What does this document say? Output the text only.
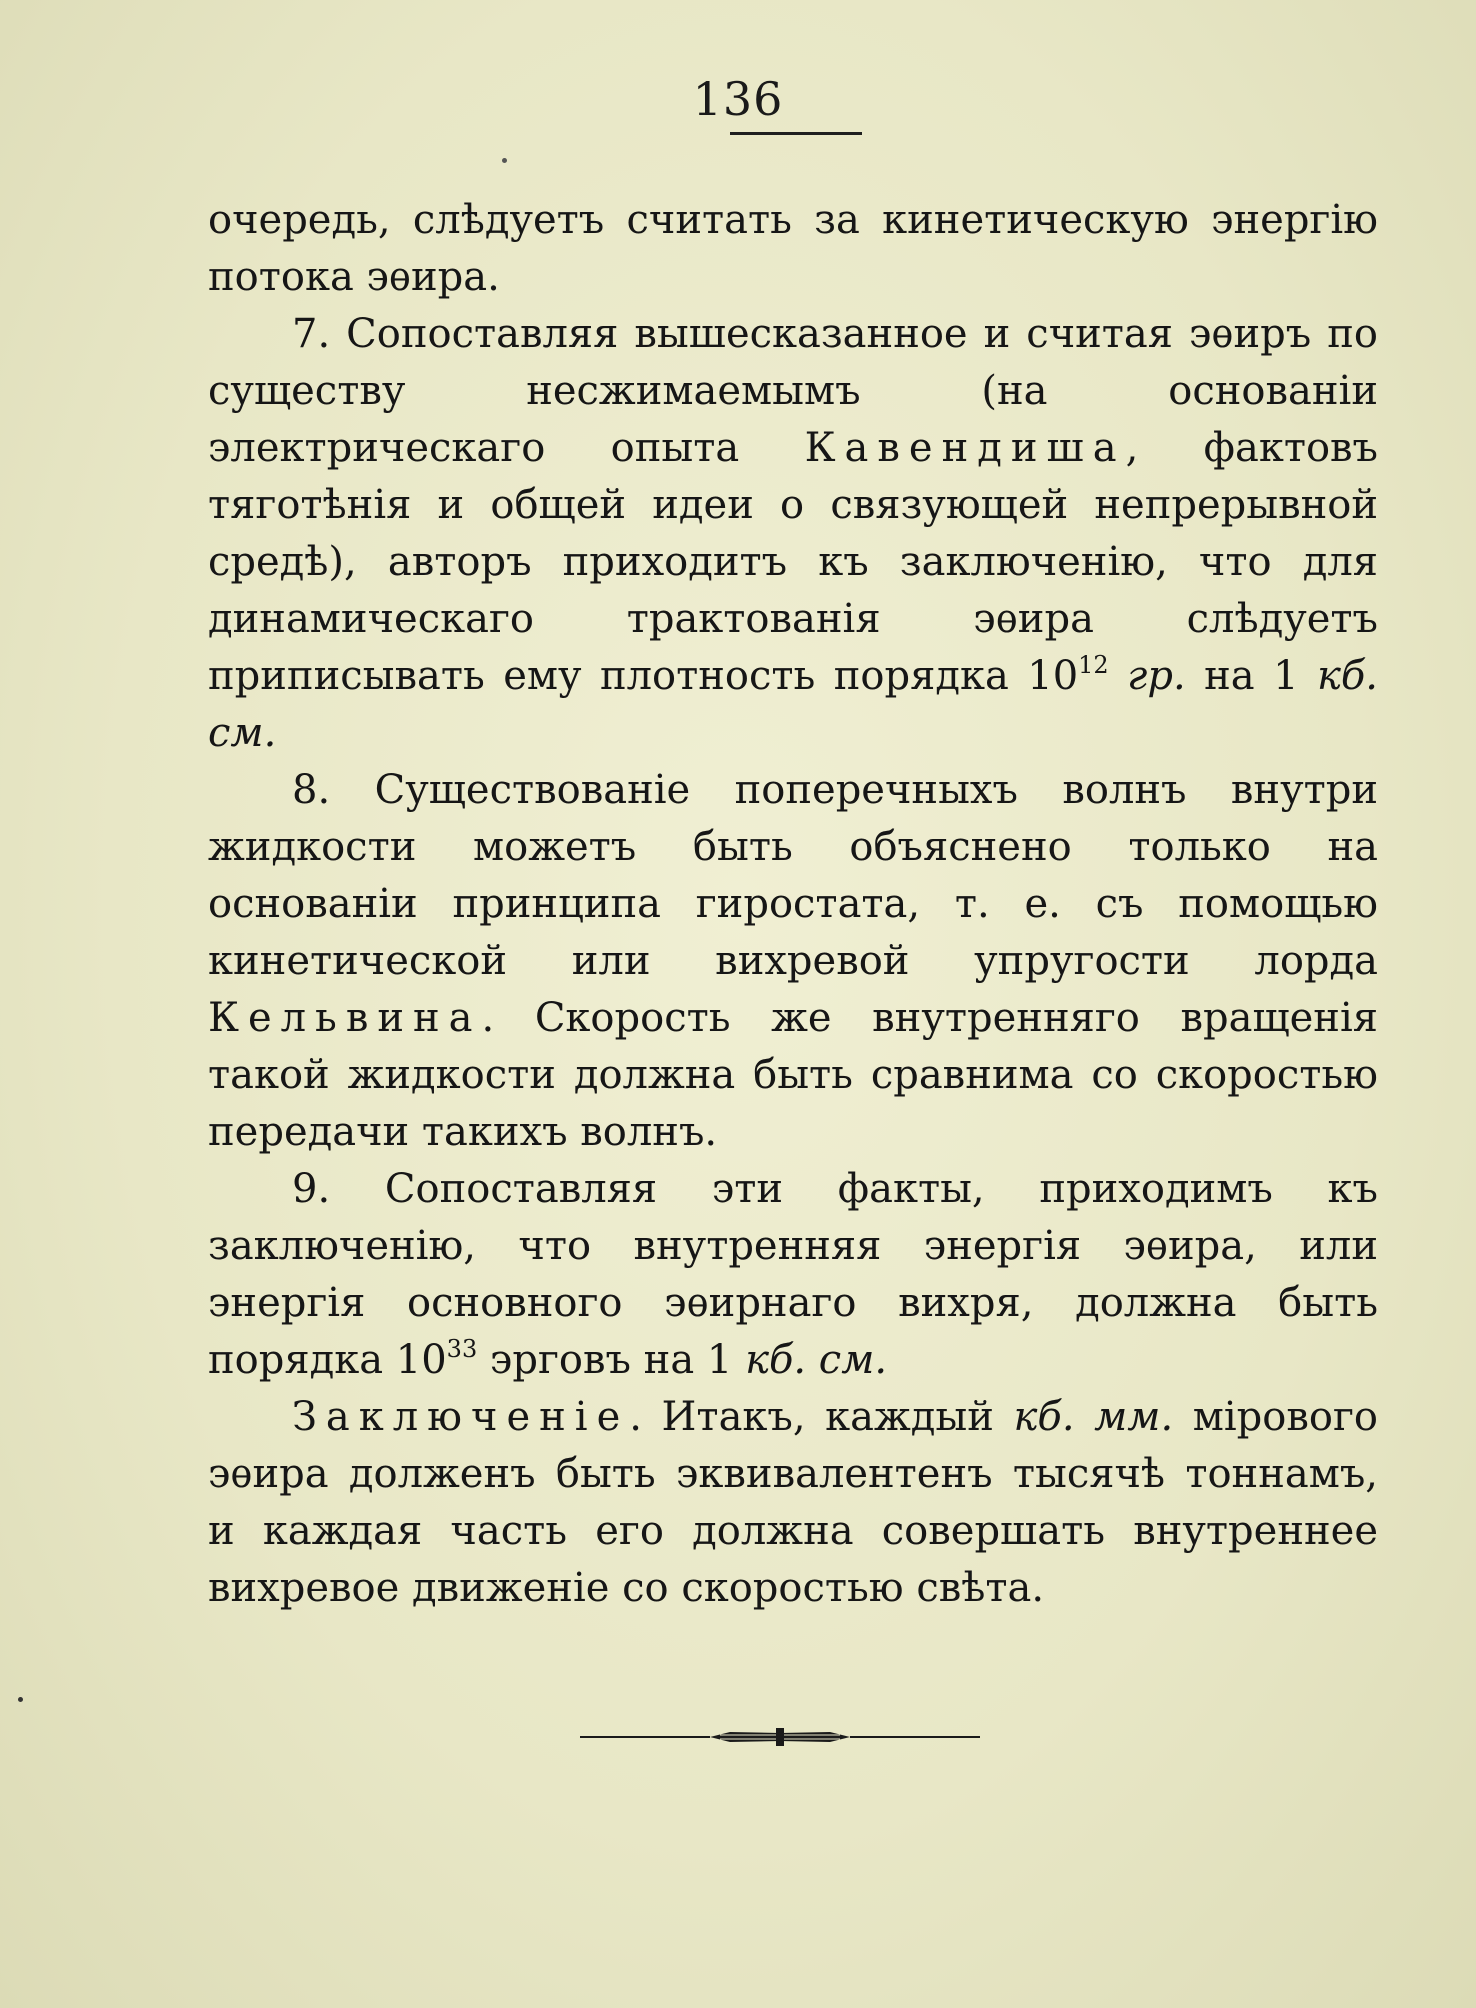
136

очередь, слѣдуетъ считать за кинетическую энергію потока эѳира.

7. Сопоставляя вышесказанное и считая эѳиръ по существу несжимаемымъ (на основаніи электрическаго опыта Кавендиша, фактовъ тяготѣнія и общей идеи о связующей непрерывной средѣ), авторъ приходитъ къ заключенію, что для динамическаго трактованія эѳира слѣдуетъ приписывать ему плотность порядка $10^{12}$ гр. на 1 кб. см.

8. Существованіе поперечныхъ волнъ внутри жидкости можетъ быть объяснено только на основаніи принципа гиростата, т. е. съ помощью кинетической или вихревой упругости лорда Кельвина. Скорость же внутренняго вращенія такой жидкости должна быть сравнима со скоростью передачи такихъ волнъ.

9. Сопоставляя эти факты, приходимъ къ заключенію, что внутренняя энергія эѳира, или энергія основного эѳирнаго вихря, должна быть порядка $10^{33}$ эрговъ на 1 кб. см.

Заключеніе. Итакъ, каждый кб. мм. мірового эѳира долженъ быть эквивалентенъ тысячѣ тоннамъ, и каждая часть его должна совершать внутреннее вихревое движеніе со скоростью свѣта.
